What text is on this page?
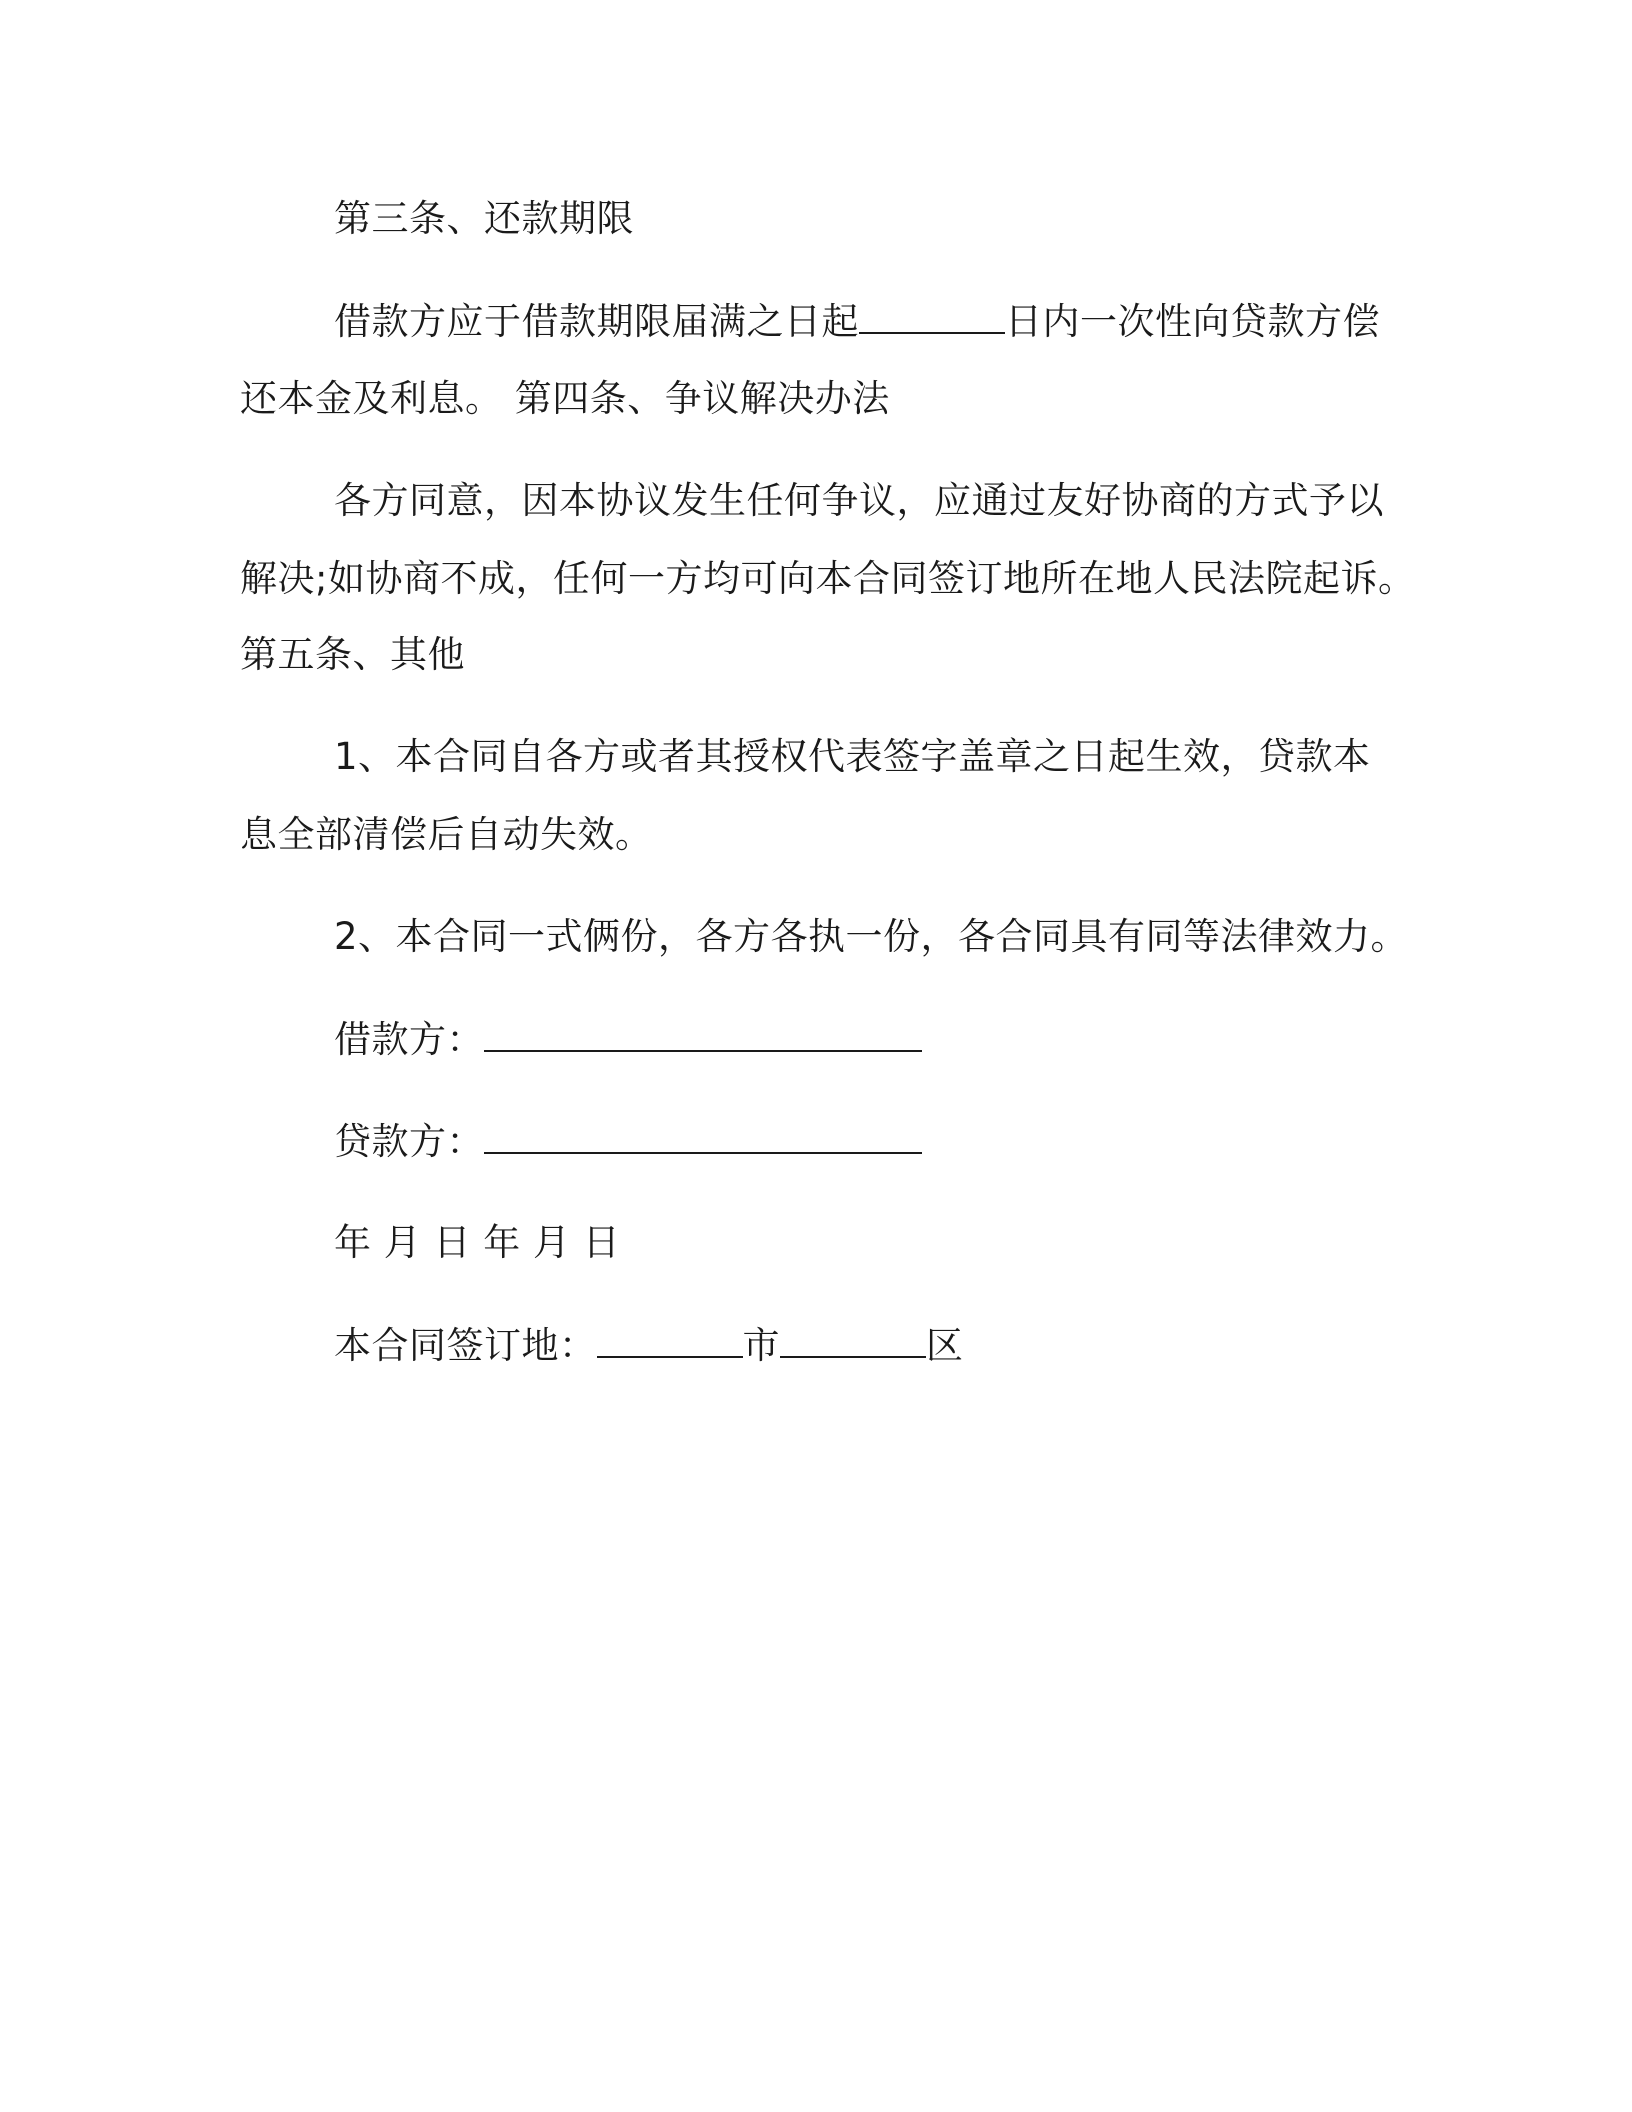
第三条、还款期限

借款方应于借款期限届满之日起	日内一次性向贷款方偿

还本金及利息。 第四条、争议解决办法

各方同意，因本协议发生任何争议，应通过友好协商的方式予以

解决;如协商不成，任何一方均可向本合同签订地所在地人民法院起诉。

第五条、其他

1、本合同自各方或者其授权代表签字盖章之日起生效，贷款本

息全部清偿后自动失效。

2、本合同一式俩份，各方各执一份，各合同具有同等法律效力。

借款方：

贷款方：

年 月 日 年 月 日

本合同签订地：	市	区
